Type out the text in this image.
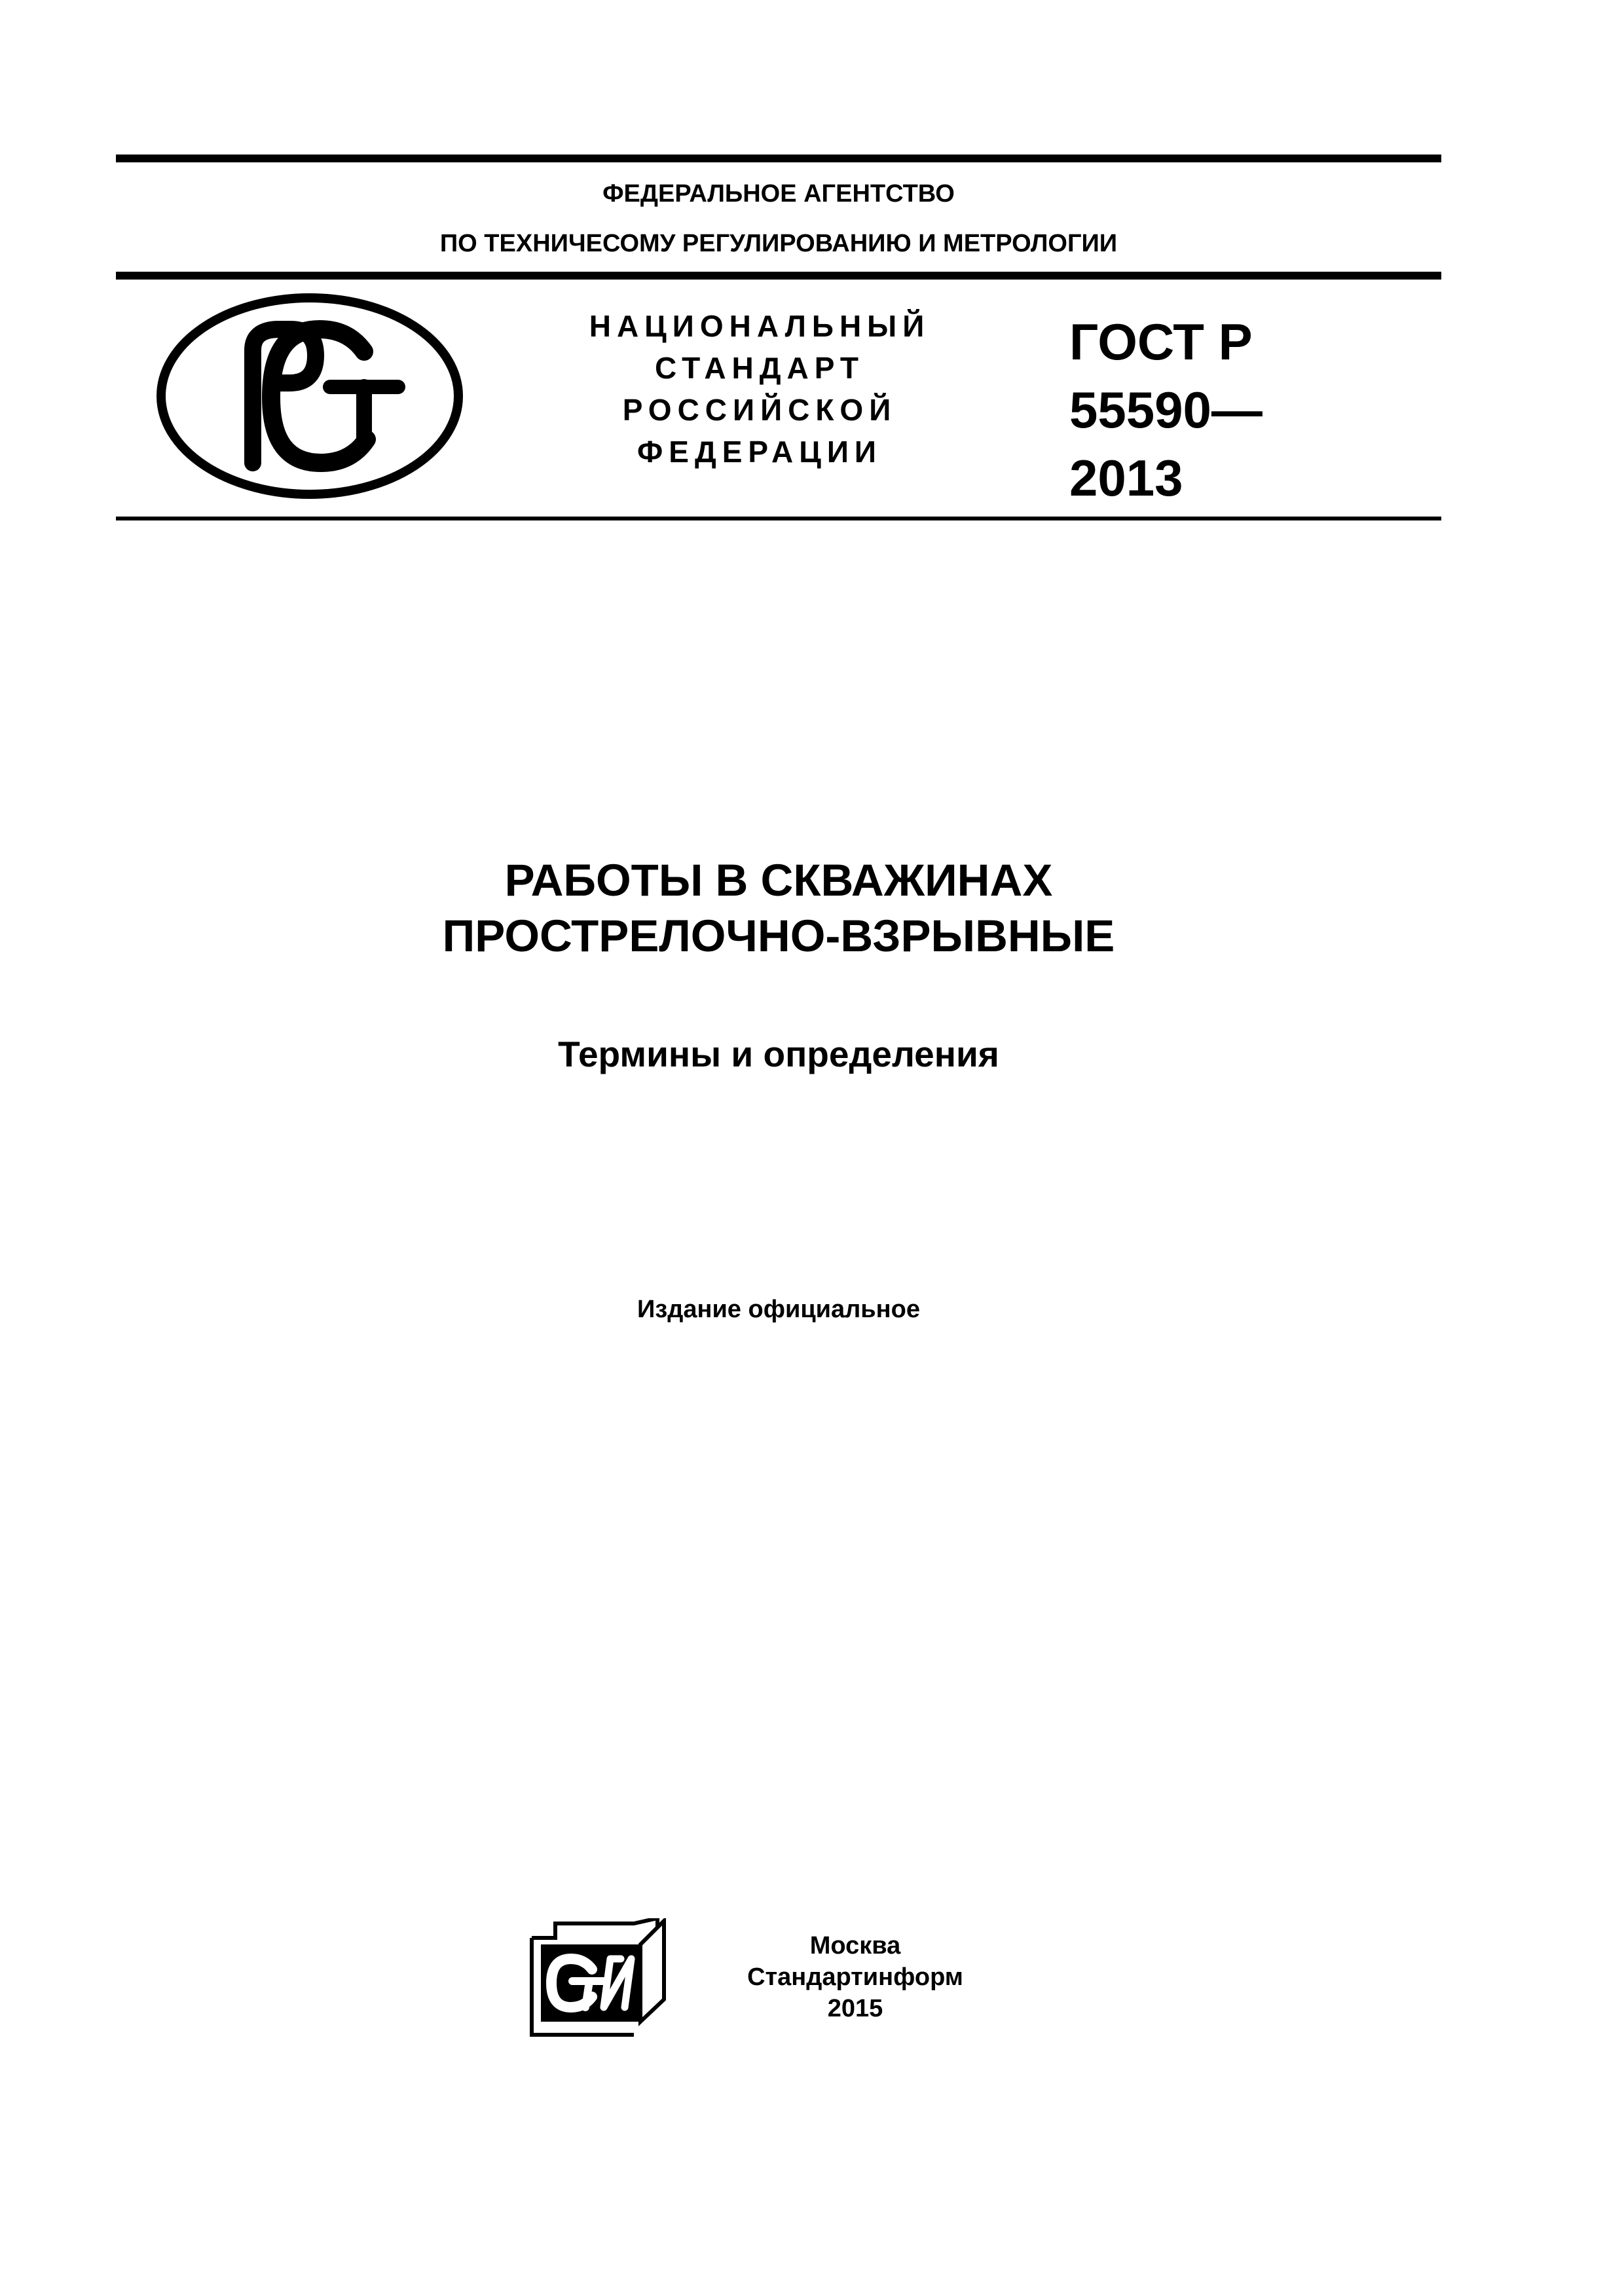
ФЕДЕРАЛЬНОЕ АГЕНТСТВО
ПО ТЕХНИЧЕСОМУ РЕГУЛИРОВАНИЮ И МЕТРОЛОГИИ
НАЦИОНАЛЬНЫЙ
СТАНДАРТ
РОССИЙСКОЙ
ФЕДЕРАЦИИ
ГОСТ Р
55590—
2013
РАБОТЫ В СКВАЖИНАХ
ПРОСТРЕЛОЧНО-ВЗРЫВНЫЕ
Термины и определения
Издание официальное
Москва
Стандартинформ
2015
